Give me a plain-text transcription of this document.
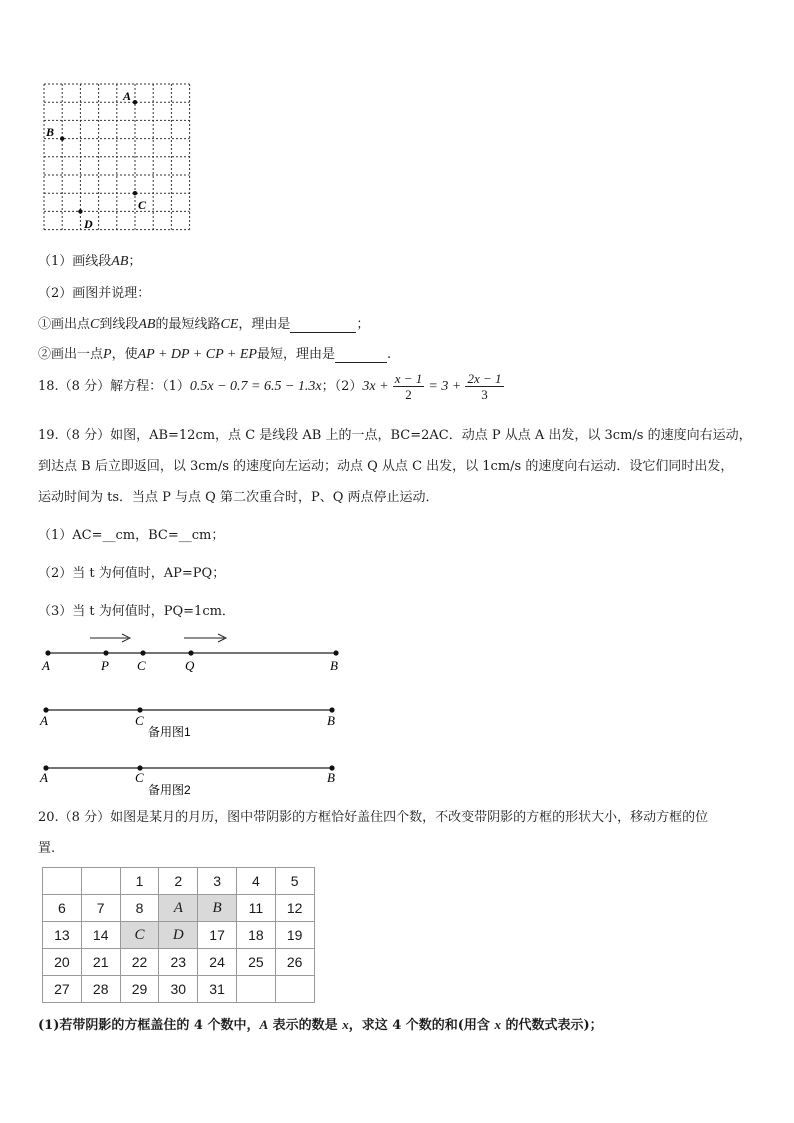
A
B
C
D
（1）画线段AB；
（2）画图并说理：
①画出点C到线段AB的最短线路CE，理由是	；
②画出一点P，使AP + DP + CP + EP最短，理由是	.
18.（8 分）解方程：（1）0.5x − 0.7 = 6.5 − 1.3x；$(2)3x + \frac{x - 1}{2} = 3 + \frac{2x - 1}{3}$
19.（8 分）如图，AB=12cm，点 C 是线段 AB 上的一点，BC=2AC．动点 P 从点 A 出发，以 3cm/s 的速度向右运动，
到达点 B 后立即返回，以 3cm/s 的速度向左运动；动点 Q 从点 C 出发，以 1cm/s 的速度向右运动．设它们同时出发，
运动时间为 ts．当点 P 与点 Q 第二次重合时，P、Q 两点停止运动．
（1）AC=__cm，BC=__cm；
（2）当 t 为何值时，AP=PQ；
（3）当 t 为何值时，PQ=1cm．
A	P C	Q	B
A	C	B
备用图1
A	C	B
备用图2
20.（8 分）如图是某月的月历，图中带阴影的方框恰好盖住四个数，不改变带阴影的方框的形状大小，移动方框的位
置.
		1	2	3	4	5
6	7	8	A	B	11	12
13	14	C	D	17	18	19
20	21	22	23	24	25	26
27	28	29	30	31		
(1)若带阴影的方框盖住的 4 个数中，A 表示的数是 x，求这 4 个数的和(用含 x 的代数式表示)；
